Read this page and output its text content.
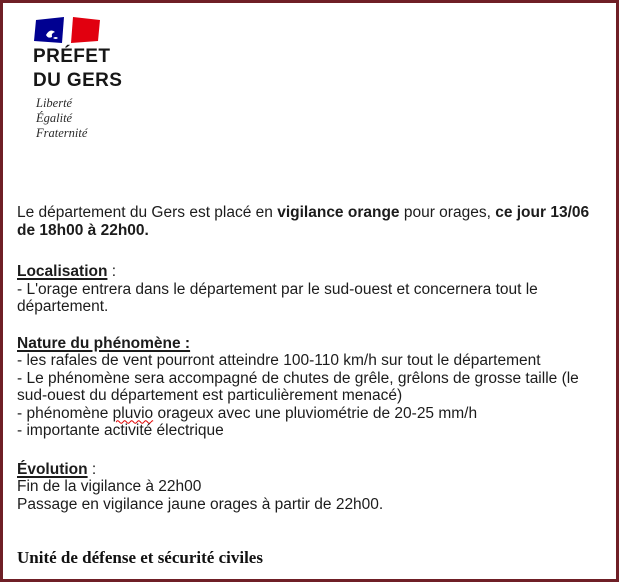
PRÉFET
DU GERS
Liberté
Égalité
Fraternité
Le département du Gers est placé en vigilance orange pour orages, ce jour 13/06
de 18h00 à 22h00.
Localisation :
- L'orage entrera dans le département par le sud-ouest et concernera tout le
département.
Nature du phénomène :
- les rafales de vent pourront atteindre 100-110 km/h sur tout le département
- Le phénomène sera accompagné de chutes de grêle, grêlons de grosse taille (le
sud-ouest du département est particulièrement menacé)
- phénomène pluvio orageux avec une pluviométrie de 20-25 mm/h
- importante activité électrique
Évolution :
Fin de la vigilance à 22h00
Passage en vigilance jaune orages à partir de 22h00.
Unité de défense et sécurité civiles
